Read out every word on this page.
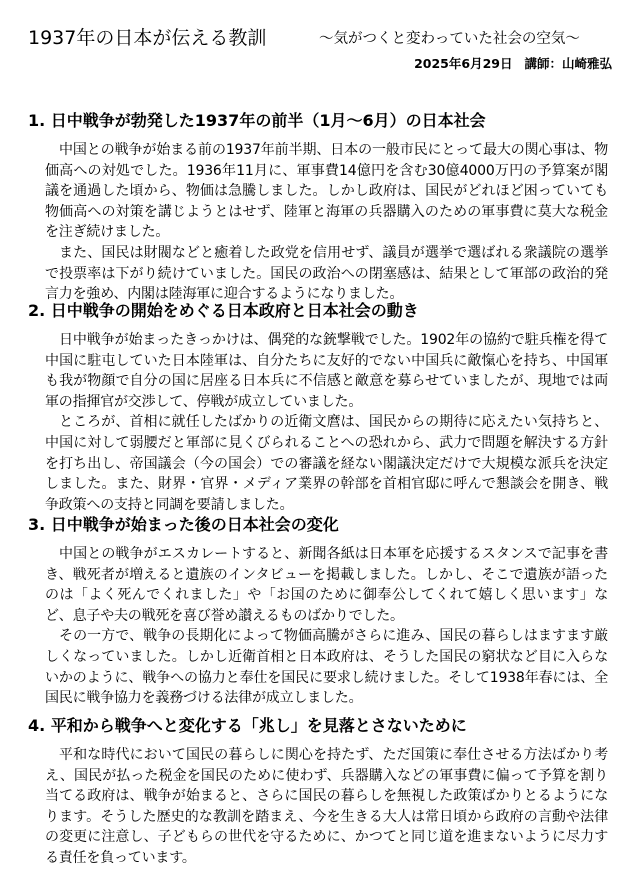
1937年の日本が伝える教訓	～気がつくと変わっていた社会の空気～
2025年6月29日 講師：山崎雅弘
1. 日中戦争が勃発した1937年の前半（1月～6月）の日本社会

中国との戦争が始まる前の1937年前半期、日本の一般市民にとって最大の関心事は、物価高への対処でした。1936年11月に、軍事費14億円を含む30億4000万円の予算案が閣議を通過した頃から、物価は急騰しました。しかし政府は、国民がどれほど困っていても物価高への対策を講じようとはせず、陸軍と海軍の兵器購入のための軍事費に莫大な税金を注ぎ続けました。

また、国民は財閥などと癒着した政党を信用せず、議員が選挙で選ばれる衆議院の選挙で投票率は下がり続けていました。国民の政治への閉塞感は、結果として軍部の政治的発言力を強め、内閣は陸海軍に迎合するようになりました。

2. 日中戦争の開始をめぐる日本政府と日本社会の動き

日中戦争が始まったきっかけは、偶発的な銃撃戦でした。1902年の協約で駐兵権を得て中国に駐屯していた日本陸軍は、自分たちに友好的でない中国兵に敵愾心を持ち、中国軍も我が物顔で自分の国に居座る日本兵に不信感と敵意を募らせていましたが、現地では両軍の指揮官が交渉して、停戦が成立していました。

ところが、首相に就任したばかりの近衛文麿は、国民からの期待に応えたい気持ちと、中国に対して弱腰だと軍部に見くびられることへの恐れから、武力で問題を解決する方針を打ち出し、帝国議会（今の国会）での審議を経ない閣議決定だけで大規模な派兵を決定しました。また、財界・官界・メディア業界の幹部を首相官邸に呼んで懇談会を開き、戦争政策への支持と同調を要請しました。

3. 日中戦争が始まった後の日本社会の変化

中国との戦争がエスカレートすると、新聞各紙は日本軍を応援するスタンスで記事を書き、戦死者が増えると遺族のインタビューを掲載しました。しかし、そこで遺族が語ったのは「よく死んでくれました」や「お国のために御奉公してくれて嬉しく思います」など、息子や夫の戦死を喜び誉め讃えるものばかりでした。

その一方で、戦争の長期化によって物価高騰がさらに進み、国民の暮らしはますます厳しくなっていました。しかし近衛首相と日本政府は、そうした国民の窮状など目に入らないかのように、戦争への協力と奉仕を国民に要求し続けました。そして1938年春には、全国民に戦争協力を義務づける法律が成立しました。

4. 平和から戦争へと変化する「兆し」を見落とさないために

平和な時代において国民の暮らしに関心を持たず、ただ国策に奉仕させる方法ばかり考え、国民が払った税金を国民のために使わず、兵器購入などの軍事費に偏って予算を割り当てる政府は、戦争が始まると、さらに国民の暮らしを無視した政策ばかりとるようになります。そうした歴史的な教訓を踏まえ、今を生きる大人は常日頃から政府の言動や法律の変更に注意し、子どもらの世代を守るために、かつてと同じ道を進まないように尽力する責任を負っています。
